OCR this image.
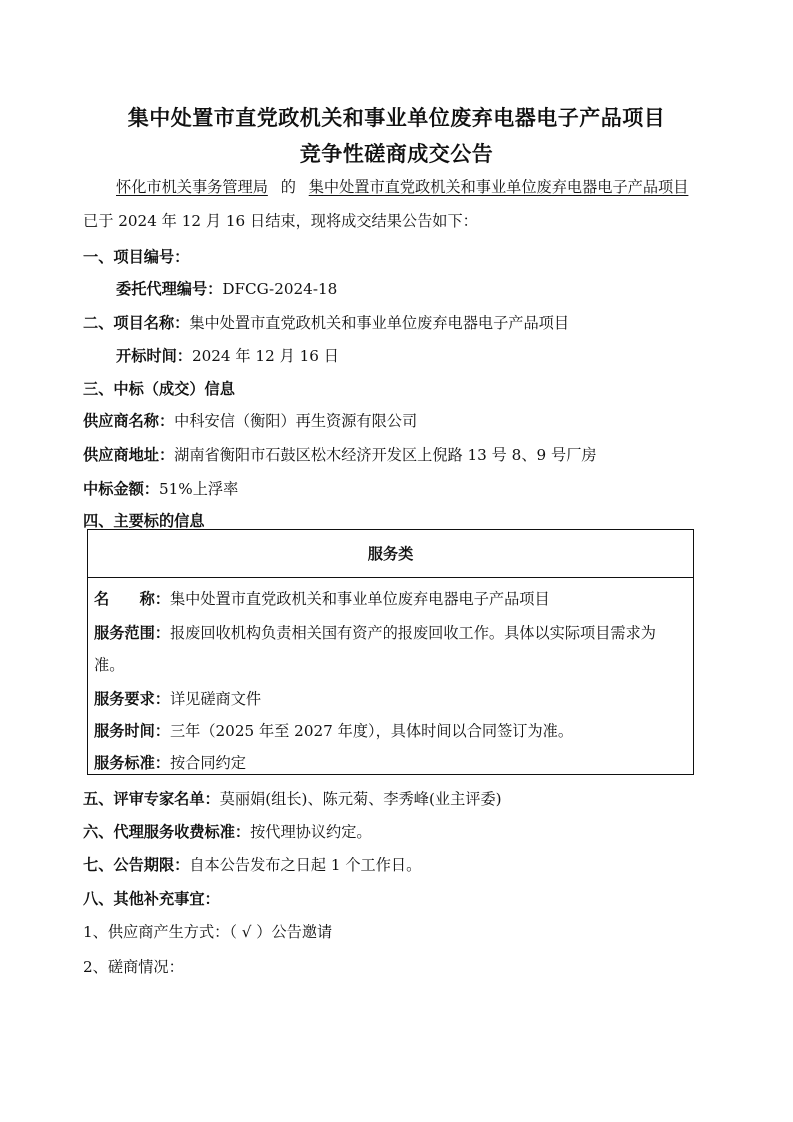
集中处置市直党政机关和事业单位废弃电器电子产品项目
竞争性磋商成交公告
怀化市机关事务管理局 的 集中处置市直党政机关和事业单位废弃电器电子产品项目
已于 2024 年 12 月 16 日结束，现将成交结果公告如下：
一、项目编号：
委托代理编号：DFCG-2024-18
二、项目名称：集中处置市直党政机关和事业单位废弃电器电子产品项目
开标时间：2024 年 12 月 16 日
三、中标（成交）信息
供应商名称：中科安信（衡阳）再生资源有限公司
供应商地址：湖南省衡阳市石鼓区松木经济开发区上倪路 13 号 8、9 号厂房
中标金额：51%上浮率
四、主要标的信息
服务类
名　　称：集中处置市直党政机关和事业单位废弃电器电子产品项目
服务范围：报废回收机构负责相关国有资产的报废回收工作。具体以实际项目需求为
准。
服务要求：详见磋商文件
服务时间：三年（2025 年至 2027 年度），具体时间以合同签订为准。
服务标准：按合同约定
五、评审专家名单：莫丽娟(组长)、陈元菊、李秀峰(业主评委)
六、代理服务收费标准：按代理协议约定。
七、公告期限：自本公告发布之日起 1 个工作日。
八、其他补充事宜：
1、供应商产生方式：（ √ ）公告邀请
2、磋商情况：
